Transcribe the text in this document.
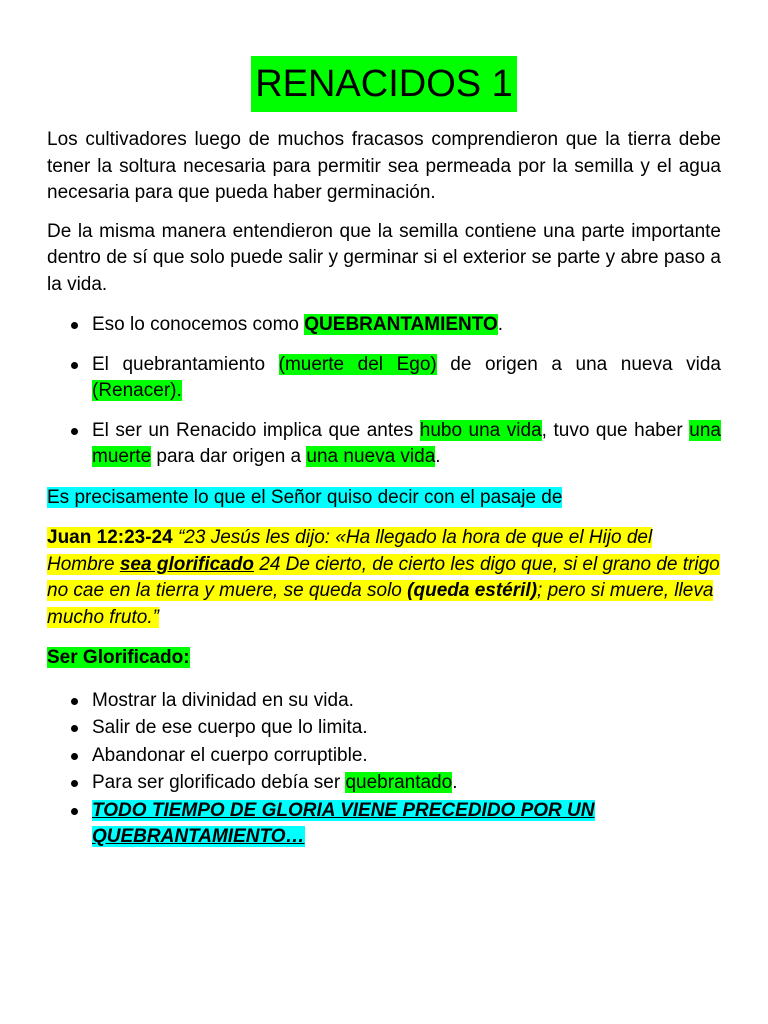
RENACIDOS 1

Los cultivadores luego de muchos fracasos comprendieron que la tierra debe tener la soltura necesaria para permitir sea permeada por la semilla y el agua necesaria para que pueda haber germinación.

De la misma manera entendieron que la semilla contiene una parte importante dentro de sí que solo puede salir y germinar si el exterior se parte y abre paso a la vida.

Eso lo conocemos como QUEBRANTAMIENTO.
El quebrantamiento (muerte del Ego) de origen a una nueva vida (Renacer).
El ser un Renacido implica que antes hubo una vida, tuvo que haber una muerte para dar origen a una nueva vida.

Es precisamente lo que el Señor quiso decir con el pasaje de

Juan 12:23-24 “23 Jesús les dijo: «Ha llegado la hora de que el Hijo del Hombre sea glorificado 24 De cierto, de cierto les digo que, si el grano de trigo no cae en la tierra y muere, se queda solo (queda estéril); pero si muere, lleva mucho fruto.”

Ser Glorificado:

Mostrar la divinidad en su vida.
Salir de ese cuerpo que lo limita.
Abandonar el cuerpo corruptible.
Para ser glorificado debía ser quebrantado.
TODO TIEMPO DE GLORIA VIENE PRECEDIDO POR UN QUEBRANTAMIENTO…
